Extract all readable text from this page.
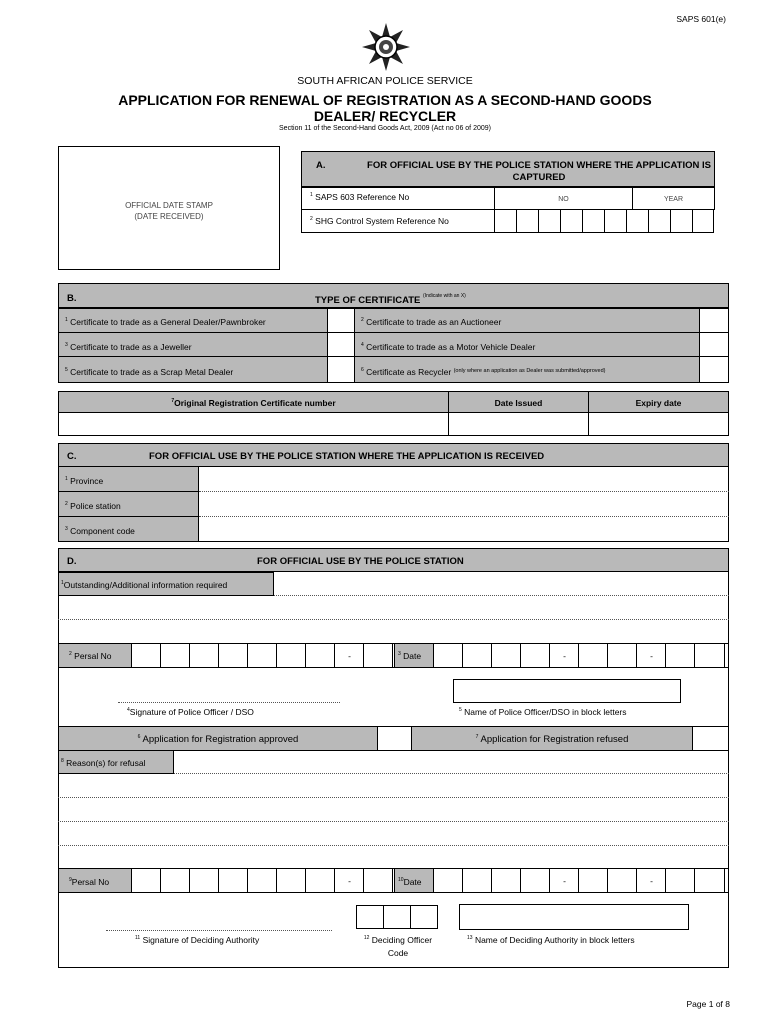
SAPS 601(e)
SOUTH AFRICAN POLICE SERVICE
APPLICATION FOR RENEWAL OF REGISTRATION AS A SECOND-HAND GOODS
DEALER/ RECYCLER
Section 11 of the Second-Hand Goods Act, 2009 (Act no 06 of 2009)
OFFICIAL DATE STAMP
(DATE RECEIVED)
A.	FOR OFFICIAL USE BY THE POLICE STATION WHERE THE APPLICATION IS CAPTURED
$^1$ SAPS 603 Reference No	NO	YEAR
$^2$ SHG Control System Reference No
B.	TYPE OF CERTIFICATE $^{(Indicate with an X)}$
$^1$ Certificate to trade as a General Dealer/Pawnbroker	$^2$ Certificate to trade as an Auctioneer
$^3$ Certificate to trade as a Jeweller	$^4$ Certificate to trade as a Motor Vehicle Dealer
$^5$ Certificate to trade as a Scrap Metal Dealer	$^6$ Certificate as Recycler $^{(only where an application as Dealer was submitted/approved)}$
$^7$Original Registration Certificate number	Date Issued	Expiry date
C.	FOR OFFICIAL USE BY THE POLICE STATION WHERE THE APPLICATION IS RECEIVED
$^1$ Province
$^2$ Police station
$^3$ Component code
D.	FOR OFFICIAL USE BY THE POLICE STATION
$^1$Outstanding/Additional information required
$^2$ Persal No	-	$^3$ Date	-	-
$^4$Signature of Police Officer / DSO	$^5$ Name of Police Officer/DSO in block letters
$^6$ Application for Registration approved	$^7$ Application for Registration refused
$^8$ Reason(s) for refusal
$^9$Persal No	-	$^{10}$Date	-	-
$^{11}$ Signature of Deciding Authority	$^{12}$ Deciding Officer
Code
$^{13}$ Name of Deciding Authority in block letters
Page 1 of 8
